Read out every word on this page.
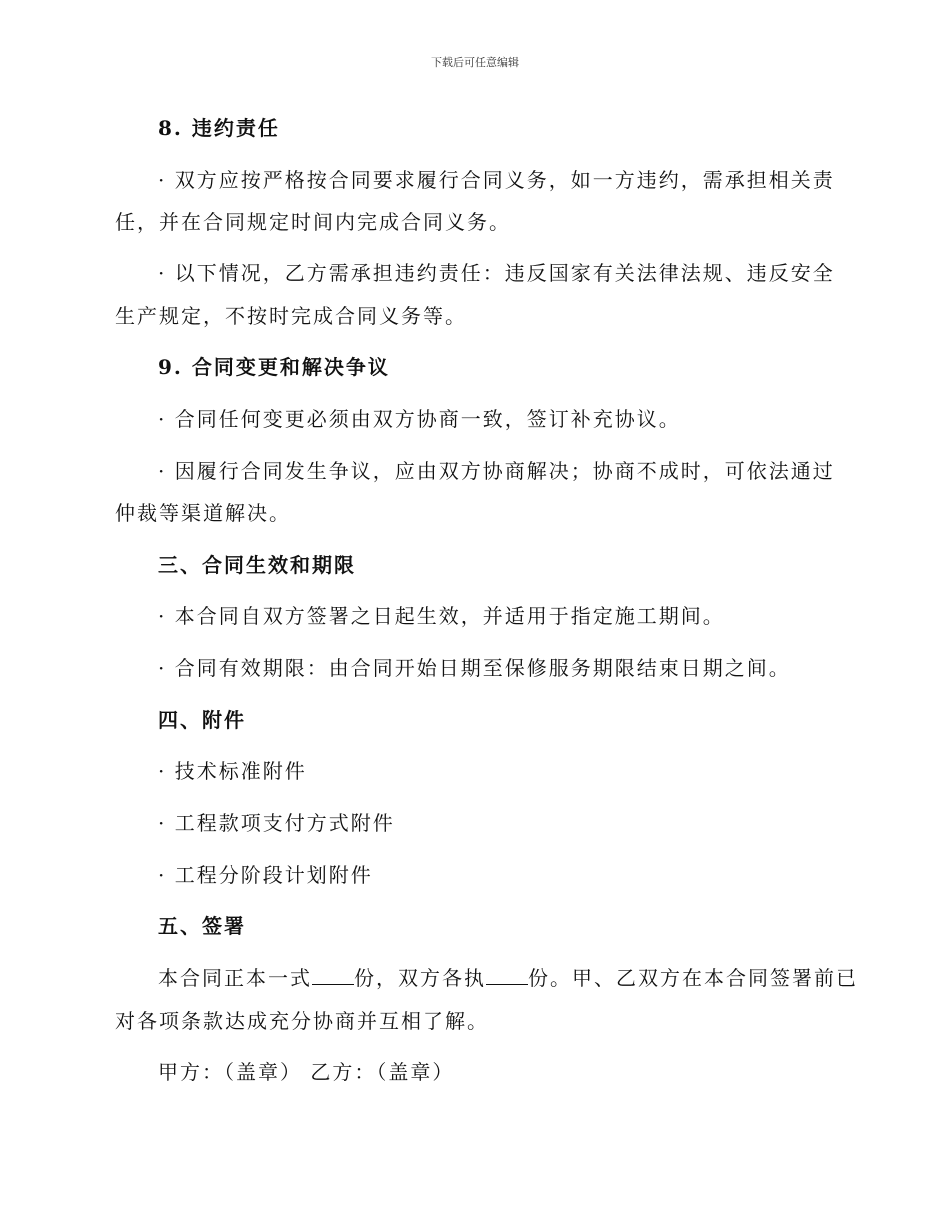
下载后可任意编辑
8. 违约责任
· 双方应按严格按合同要求履行合同义务，如一方违约，需承担相关责
任，并在合同规定时间内完成合同义务。
· 以下情况，乙方需承担违约责任：违反国家有关法律法规、违反安全
生产规定，不按时完成合同义务等。
9. 合同变更和解决争议
· 合同任何变更必须由双方协商一致，签订补充协议。
· 因履行合同发生争议，应由双方协商解决；协商不成时，可依法通过
仲裁等渠道解决。
三、合同生效和期限
· 本合同自双方签署之日起生效，并适用于指定施工期间。
· 合同有效期限：由合同开始日期至保修服务期限结束日期之间。
四、附件
· 技术标准附件
· 工程款项支付方式附件
· 工程分阶段计划附件
五、签署
本合同正本一式 份，双方各执 份。甲、乙双方在本合同签署前已
对各项条款达成充分协商并互相了解。
甲方：（盖章） 乙方：（盖章）
